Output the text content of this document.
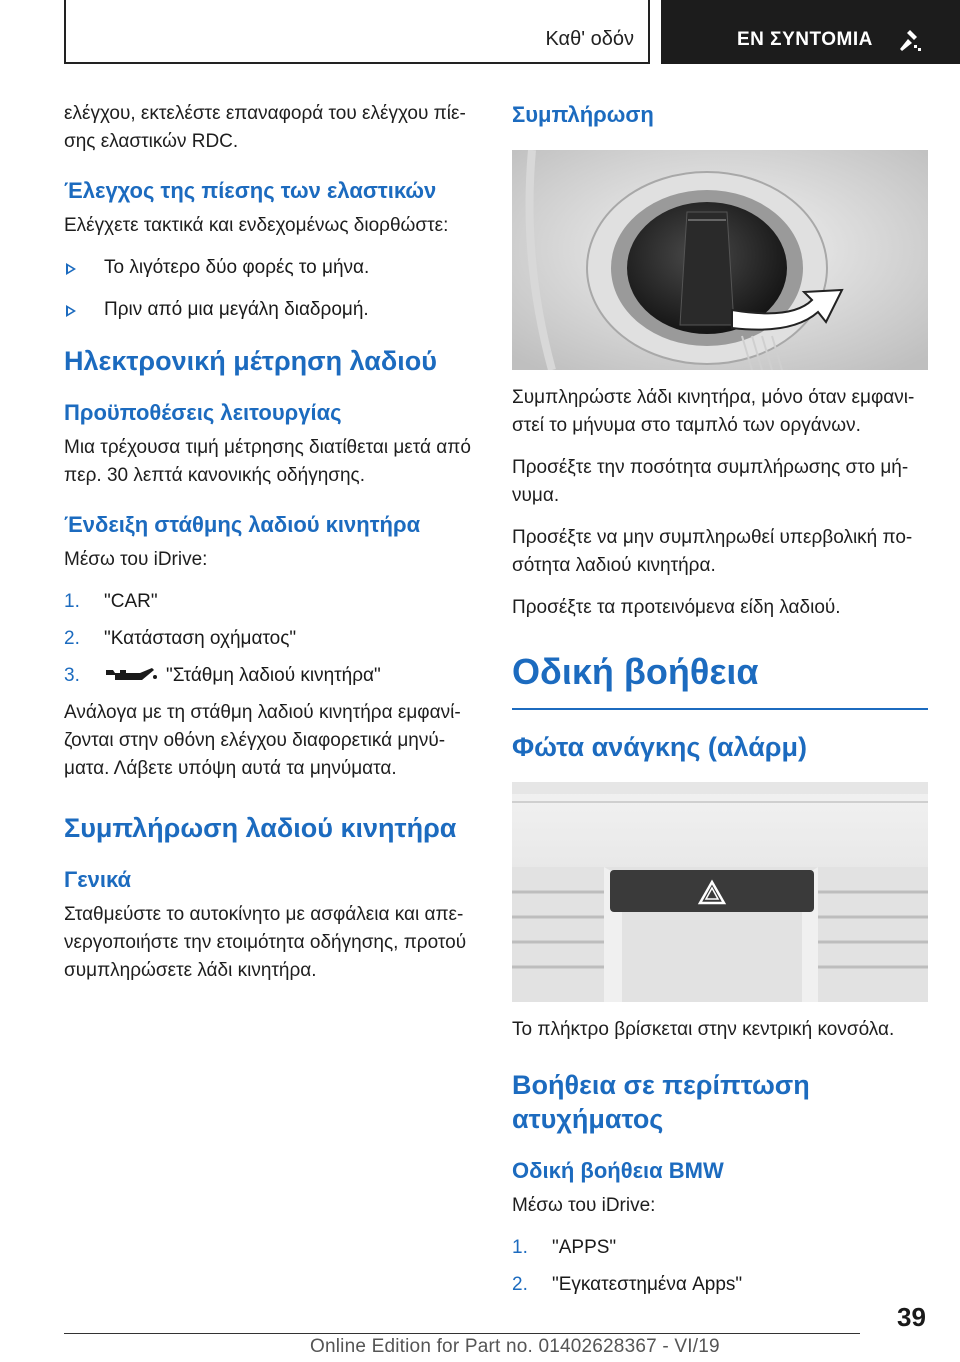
Καθ' οδόν	ΕΝ ΣΥΝΤΟΜΙΑ

ελέγχου, εκτελέστε επαναφορά του ελέγχου πίεσης ελαστικών RDC.

Έλεγχος της πίεσης των ελαστικών

Ελέγχετε τακτικά και ενδεχομένως διορθώστε:

Το λιγότερο δύο φορές το μήνα.
Πριν από μια μεγάλη διαδρομή.
Ηλεκτρονική μέτρηση λαδιού
Προϋποθέσεις λειτουργίας

Μια τρέχουσα τιμή μέτρησης διατίθεται μετά από περ. 30 λεπτά κανονικής οδήγησης.

Ένδειξη στάθμης λαδιού κινητήρα

Μέσω του iDrive:

1. "CAR"
2. "Κατάσταση οχήματος"
3.	"Στάθμη λαδιού κινητήρα"

Ανάλογα με τη στάθμη λαδιού κινητήρα εμφανίζονται στην οθόνη ελέγχου διαφορετικά μηνύματα. Λάβετε υπόψη αυτά τα μηνύματα.

Συμπλήρωση λαδιού κινητήρα
Γενικά

Σταθμεύστε το αυτοκίνητο με ασφάλεια και απενεργοποιήστε την ετοιμότητα οδήγησης, προτού συμπληρώσετε λάδι κινητήρα.

Συμπλήρωση

Συμπληρώστε λάδι κινητήρα, μόνο όταν εμφανιστεί το μήνυμα στο ταμπλό των οργάνων.

Προσέξτε την ποσότητα συμπλήρωσης στο μήνυμα.

Προσέξτε να μην συμπληρωθεί υπερβολική ποσότητα λαδιού κινητήρα.

Προσέξτε τα προτεινόμενα είδη λαδιού.

Οδική βοήθεια
Φώτα ανάγκης (αλάρμ)

Το πλήκτρο βρίσκεται στην κεντρική κονσόλα.

Βοήθεια σε περίπτωση ατυχήματος
Οδική βοήθεια BMW

Μέσω του iDrive:

1. "APPS"
2. "Εγκατεστημένα Apps"
39
Online Edition for Part no. 01402628367 - VI/19
